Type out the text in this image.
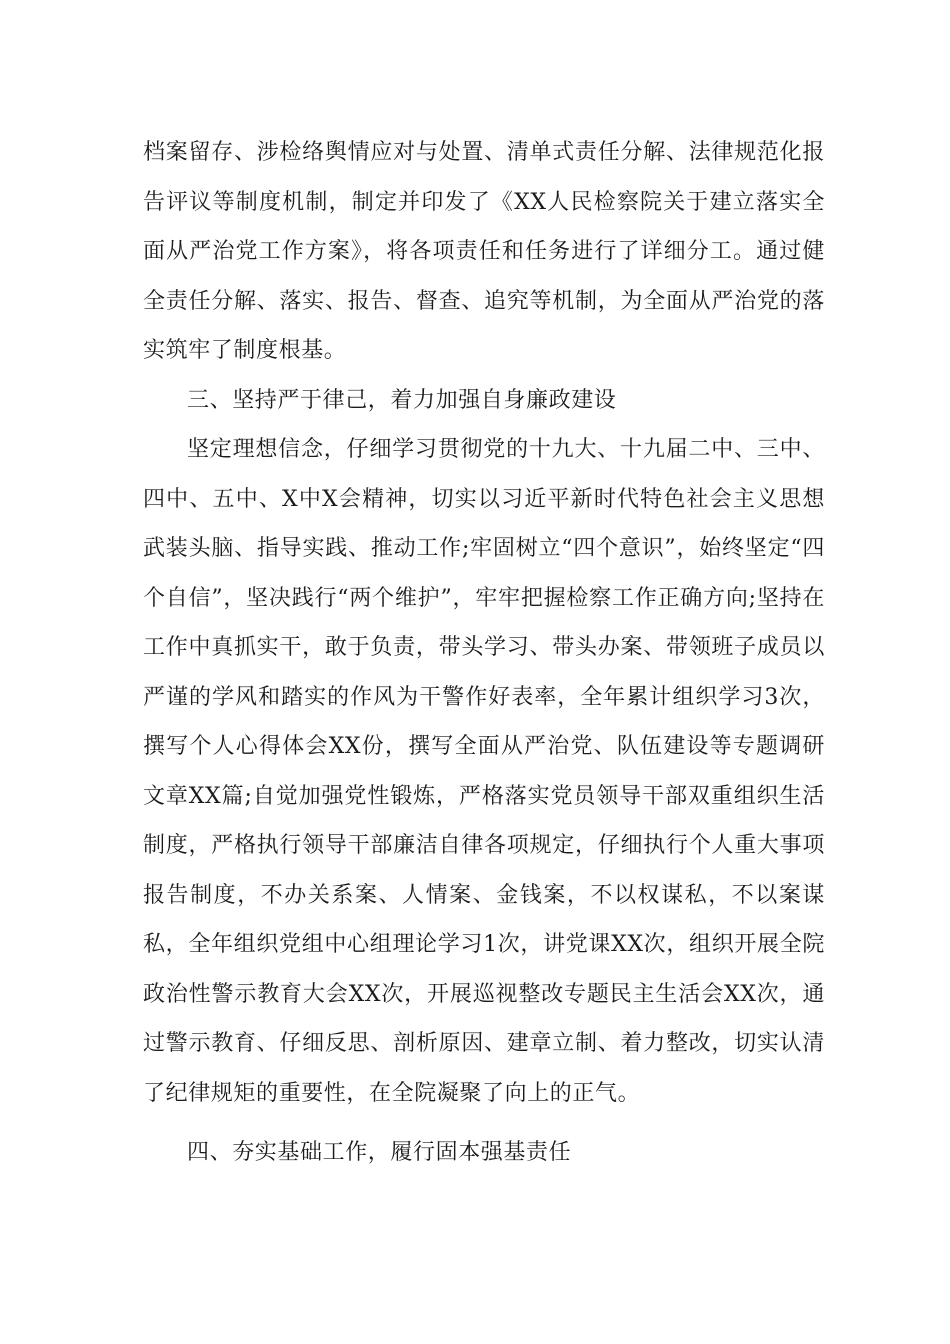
档案留存、涉检络舆情应对与处置、清单式责任分解、法律规范化报告评议等制度机制，制定并印发了《XX人民检察院关于建立落实全面从严治党工作方案》，将各项责任和任务进行了详细分工。通过健全责任分解、落实、报告、督查、追究等机制，为全面从严治党的落实筑牢了制度根基。

三、坚持严于律己，着力加强自身廉政建设

坚定理想信念，仔细学习贯彻党的十九大、十九届二中、三中、四中、五中、X中X会精神，切实以习近平新时代特色社会主义思想武装头脑、指导实践、推动工作;牢固树立“四个意识”，始终坚定“四个自信”，坚决践行“两个维护”，牢牢把握检察工作正确方向;坚持在工作中真抓实干，敢于负责，带头学习、带头办案、带领班子成员以严谨的学风和踏实的作风为干警作好表率，全年累计组织学习3次，撰写个人心得体会XX份，撰写全面从严治党、队伍建设等专题调研文章XX篇;自觉加强党性锻炼，严格落实党员领导干部双重组织生活制度，严格执行领导干部廉洁自律各项规定，仔细执行个人重大事项报告制度，不办关系案、人情案、金钱案，不以权谋私，不以案谋私，全年组织党组中心组理论学习1次，讲党课XX次，组织开展全院政治性警示教育大会XX次，开展巡视整改专题民主生活会XX次，通过警示教育、仔细反思、剖析原因、建章立制、着力整改，切实认清了纪律规矩的重要性，在全院凝聚了向上的正气。

四、夯实基础工作，履行固本强基责任
